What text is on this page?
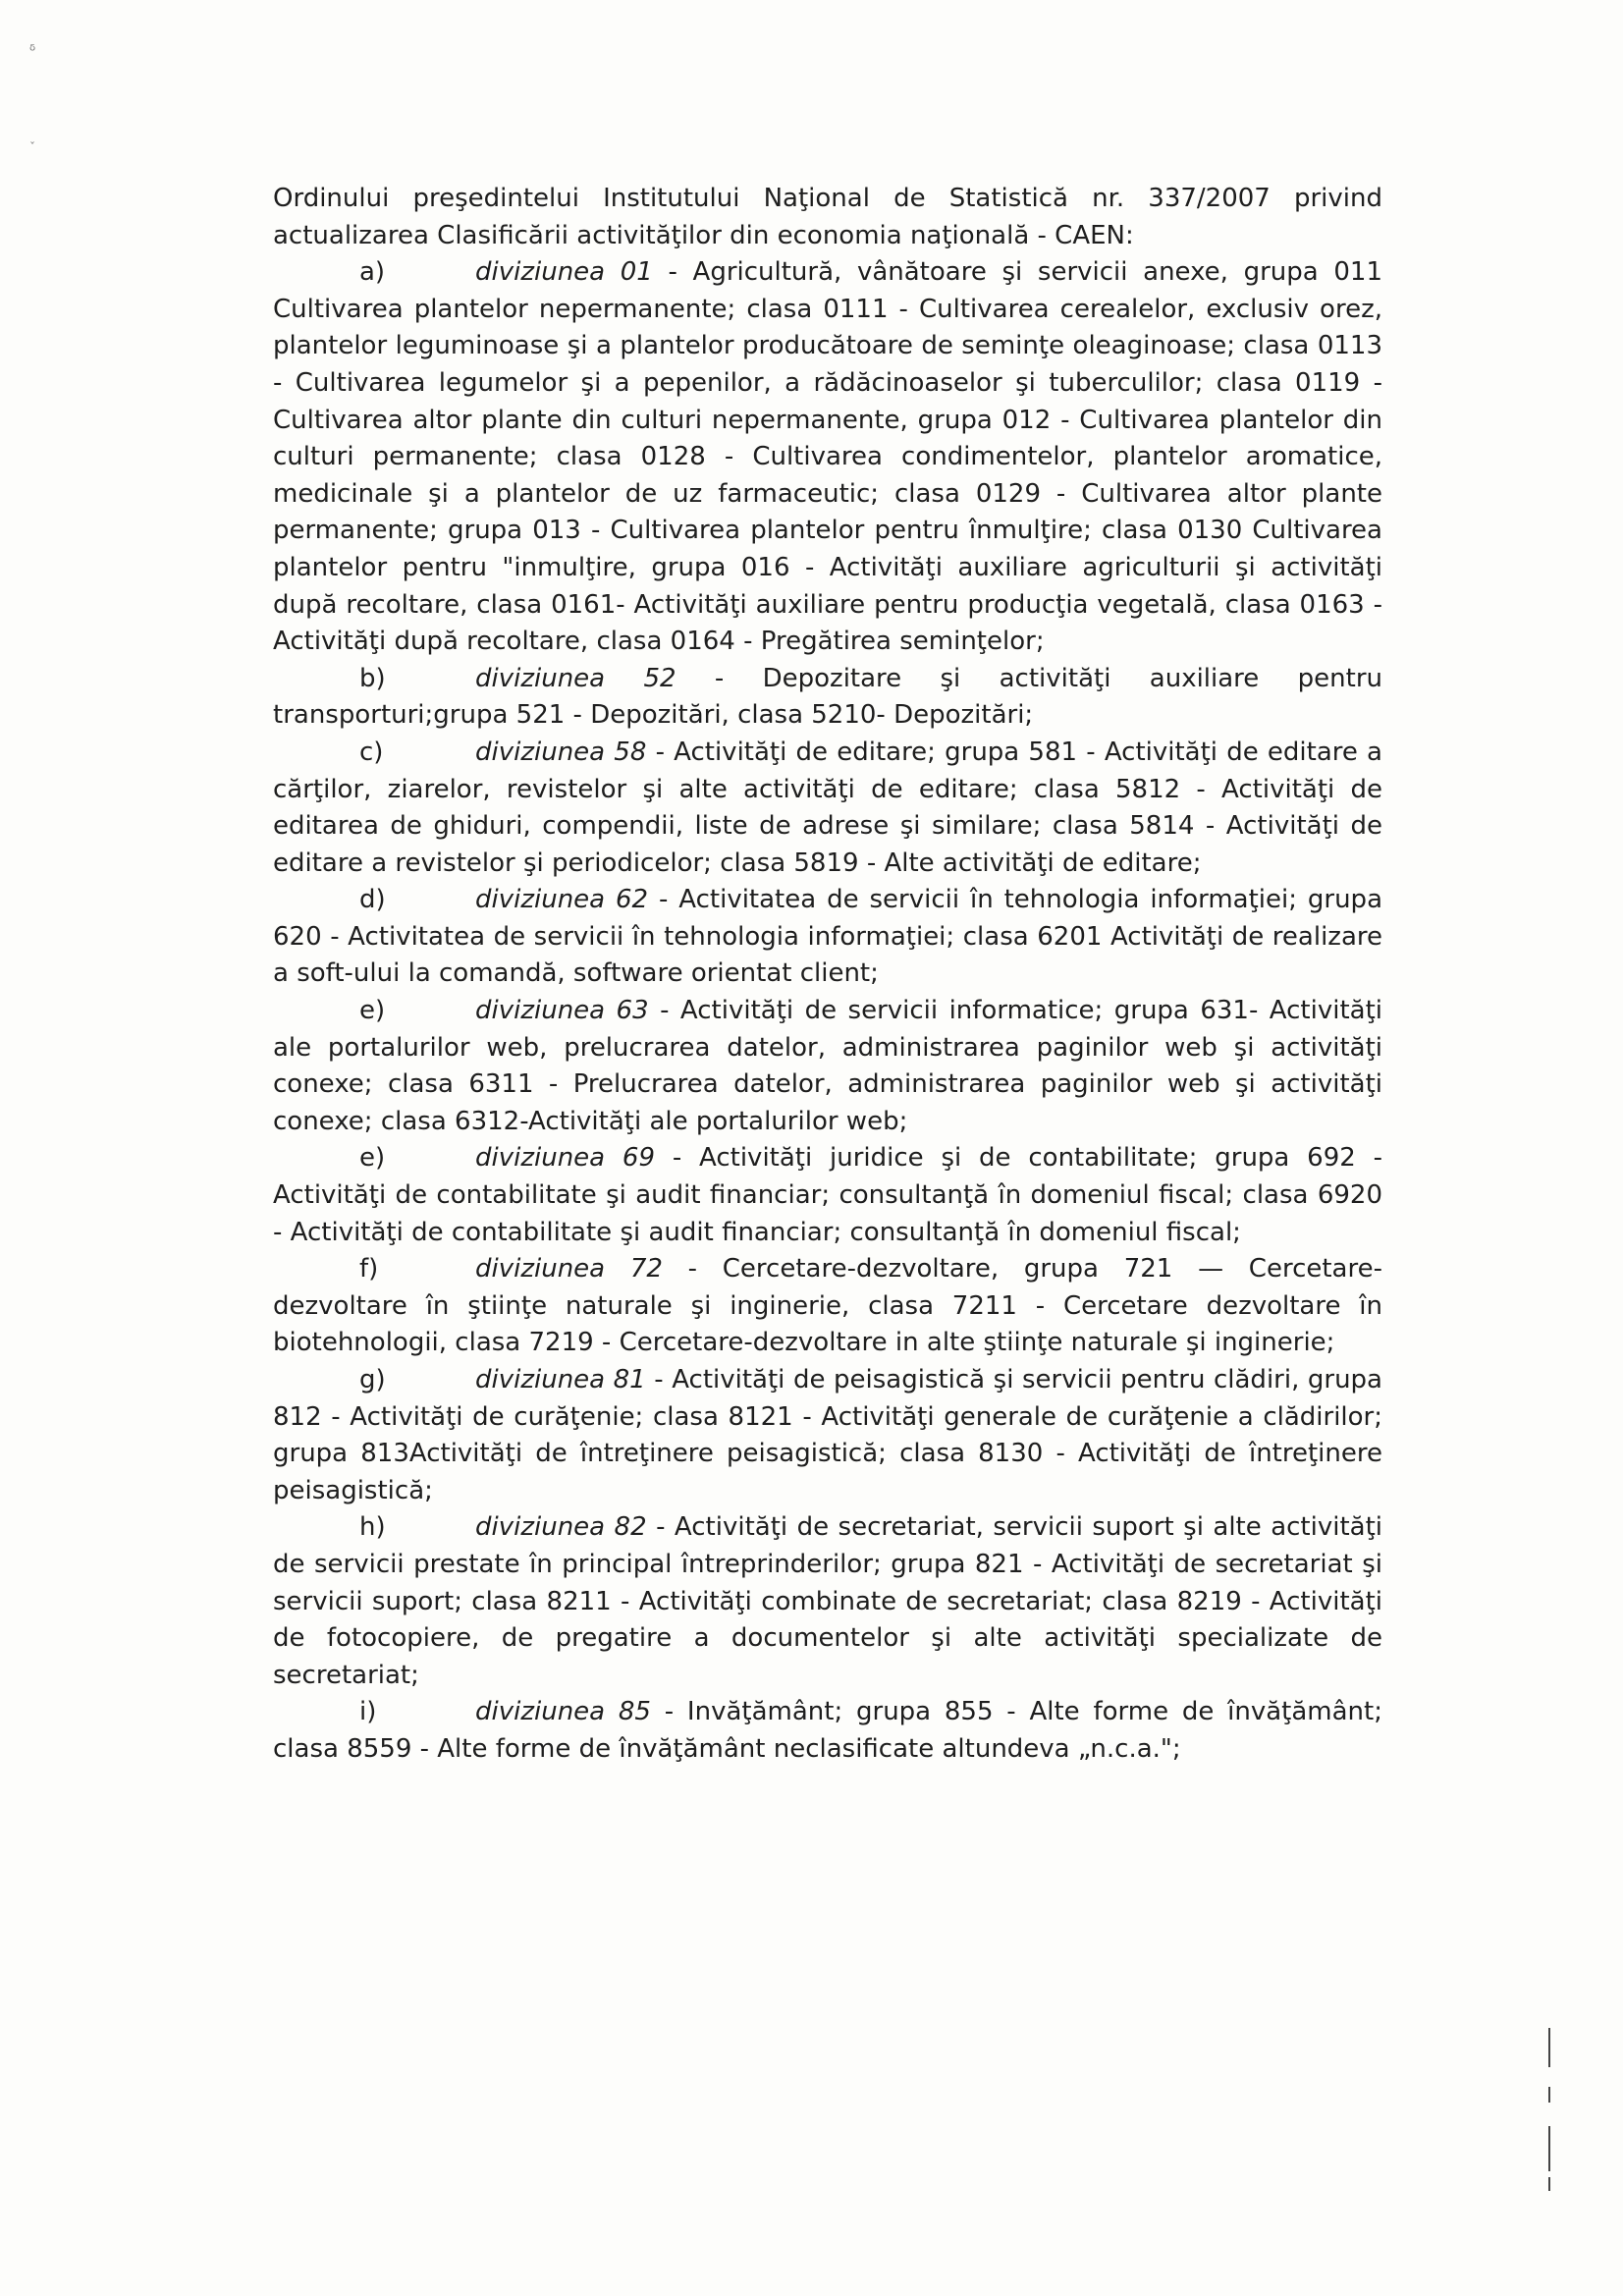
ᵟ
ˇ

Ordinului preşedintelui Institutului Naţional de Statistică nr. 337/2007 privind actualizarea Clasificării activităţilor din economia naţională - CAEN:

a)	diviziunea 01 - Agricultură, vânătoare şi servicii anexe, grupa 011 Cultivarea plantelor nepermanente; clasa 0111 - Cultivarea cerealelor, exclusiv orez, plantelor leguminoase şi a plantelor producătoare de seminţe oleaginoase; clasa 0113 - Cultivarea legumelor şi a pepenilor, a rădăcinoaselor şi tuberculilor; clasa 0119 - Cultivarea altor plante din culturi nepermanente, grupa 012 - Cultivarea plantelor din culturi permanente; clasa 0128 - Cultivarea condimentelor, plantelor aromatice, medicinale şi a plantelor de uz farmaceutic; clasa 0129 - Cultivarea altor plante permanente; grupa 013 - Cultivarea plantelor pentru înmulţire; clasa 0130 Cultivarea plantelor pentru "inmulţire, grupa 016 - Activităţi auxiliare agriculturii şi activităţi după recoltare, clasa 0161- Activităţi auxiliare pentru producţia vegetală, clasa 0163 - Activităţi după recoltare, clasa 0164 - Pregătirea seminţelor;

b)	diviziunea 52 - Depozitare şi activităţi auxiliare pentru transporturi;grupa 521 - Depozitări, clasa 5210- Depozitări;

c)	diviziunea 58 - Activităţi de editare; grupa 581 - Activităţi de editare a cărţilor, ziarelor, revistelor şi alte activităţi de editare; clasa 5812 - Activităţi de editarea de ghiduri, compendii, liste de adrese şi similare; clasa 5814 - Activităţi de editare a revistelor şi periodicelor; clasa 5819 - Alte activităţi de editare;

d)	diviziunea 62 - Activitatea de servicii în tehnologia informaţiei; grupa 620 - Activitatea de servicii în tehnologia informaţiei; clasa 6201 Activităţi de realizare a soft-ului la comandă, software orientat client;

e)	diviziunea 63 - Activităţi de servicii informatice; grupa 631- Activităţi ale portalurilor web, prelucrarea datelor, administrarea paginilor web şi activităţi conexe; clasa 6311 - Prelucrarea datelor, administrarea paginilor web şi activităţi conexe; clasa 6312-Activităţi ale portalurilor web;

e)	diviziunea 69 - Activităţi juridice şi de contabilitate; grupa 692 - Activităţi de contabilitate şi audit financiar; consultanţă în domeniul fiscal; clasa 6920 - Activităţi de contabilitate şi audit financiar; consultanţă în domeniul fiscal;

f)	diviziunea 72 - Cercetare-dezvoltare, grupa 721 — Cercetare-dezvoltare în ştiinţe naturale şi inginerie, clasa 7211 - Cercetare dezvoltare în biotehnologii, clasa 7219 - Cercetare-dezvoltare in alte ştiinţe naturale şi inginerie;

g)	diviziunea 81 - Activităţi de peisagistică şi servicii pentru clădiri, grupa 812 - Activităţi de curăţenie; clasa 8121 - Activităţi generale de curăţenie a clădirilor; grupa 813Activităţi de întreţinere peisagistică; clasa 8130 - Activităţi de întreţinere peisagistică;

h)	diviziunea 82 - Activităţi de secretariat, servicii suport şi alte activităţi de servicii prestate în principal întreprinderilor; grupa 821 - Activităţi de secretariat şi servicii suport; clasa 8211 - Activităţi combinate de secretariat; clasa 8219 - Activităţi de fotocopiere, de pregatire a documentelor şi alte activităţi specializate de secretariat;

i)	diviziunea 85 - Invăţământ; grupa 855 - Alte forme de învăţământ; clasa 8559 - Alte forme de învăţământ neclasificate altundeva „n.c.a.";
